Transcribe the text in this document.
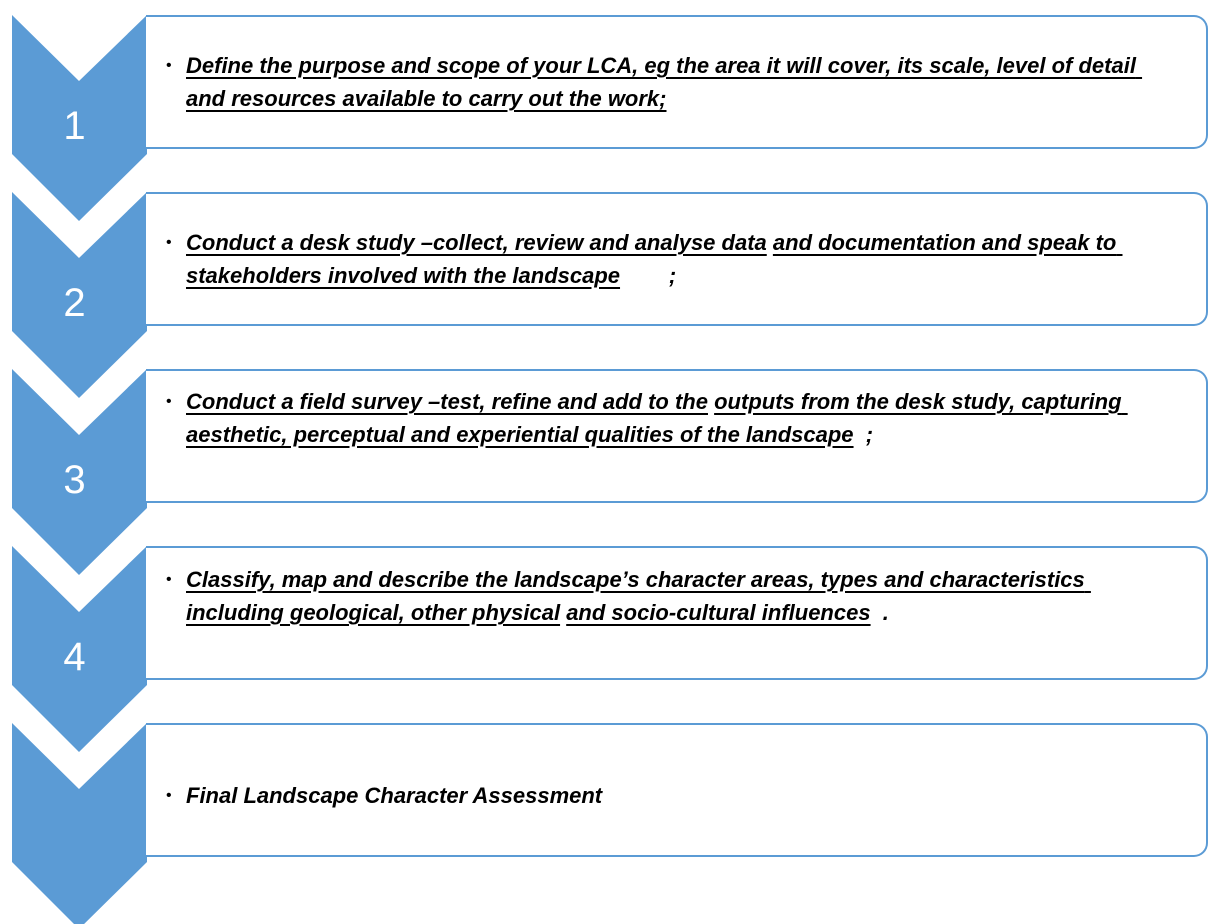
1
• Define the purpose and scope of your LCA, eg the area it will cover, its scale, level of detail and resources available to carry out the work;
2
• Conduct a desk study –collect, review and analyse data and documentation and speak to stakeholders involved with the landscape        ;
3
• Conduct a field survey –test, refine and add to the outputs from the desk study, capturing aesthetic, perceptual and experiential qualities of the landscape  ;
4
• Classify, map and describe the landscape’s character areas, types and characteristics including geological, other physical and socio-cultural influences  .
• Final Landscape Character Assessment
